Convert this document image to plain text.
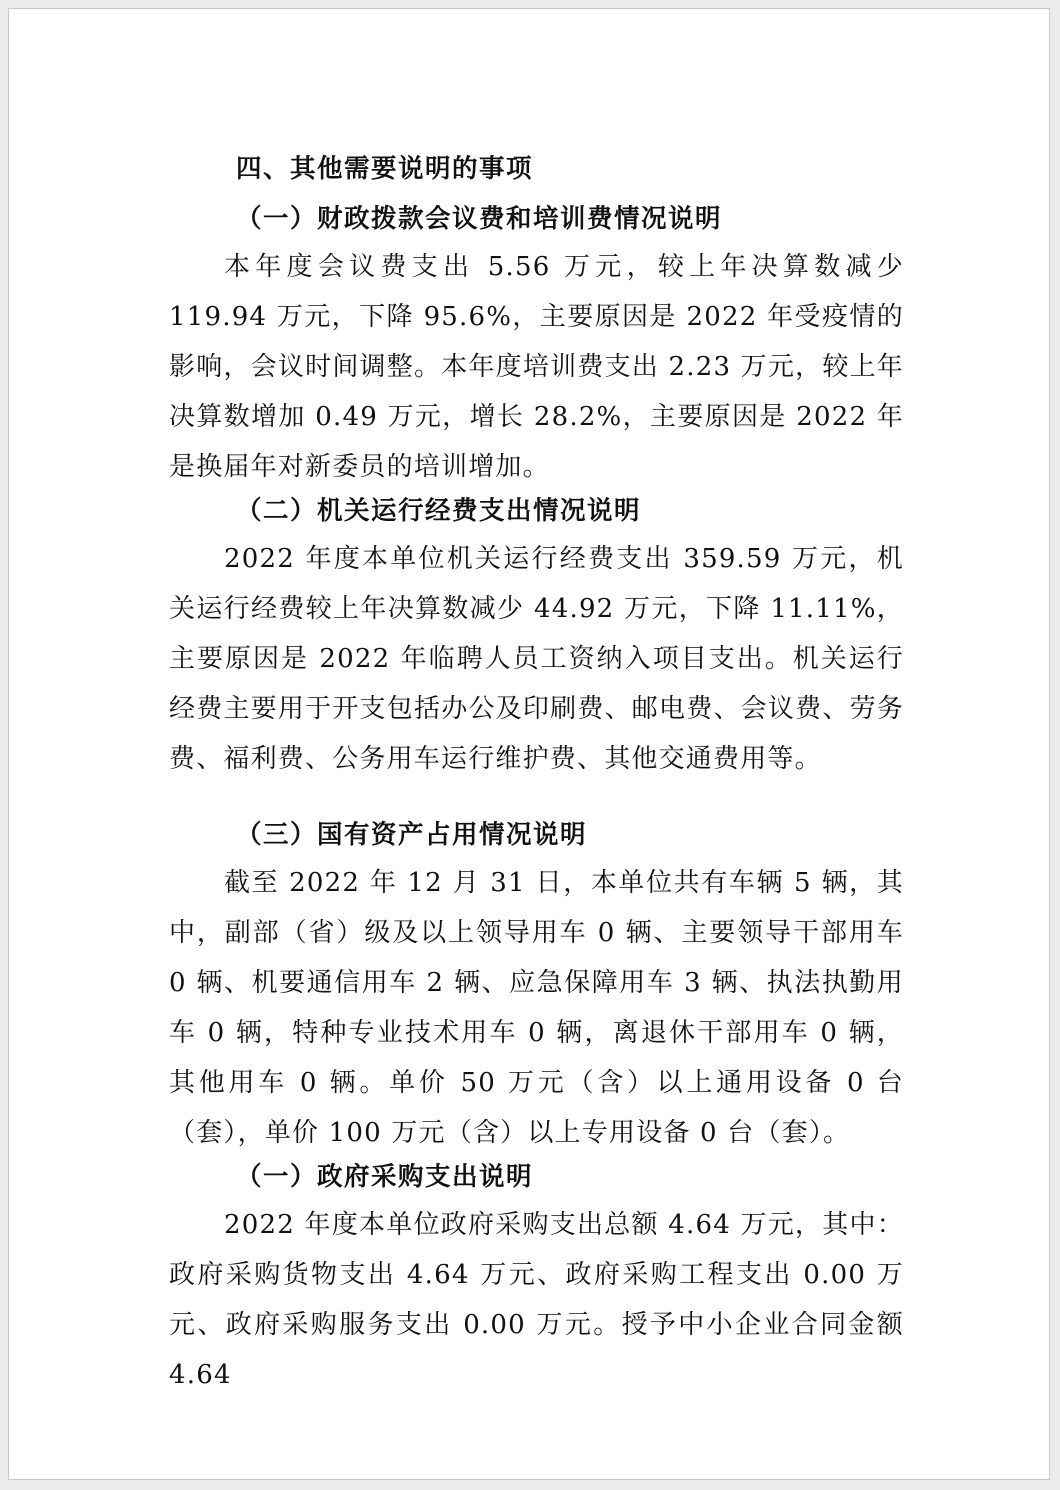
四、其他需要说明的事项
（一）财政拨款会议费和培训费情况说明
本年度会议费支出 5.56 万元，较上年决算数减少 119.94 万元，下降 95.6%，主要原因是 2022 年受疫情的影响，会议时间调整。本年度培训费支出 2.23 万元，较上年决算数增加 0.49 万元，增长 28.2%，主要原因是 2022 年是换届年对新委员的培训增加。
（二）机关运行经费支出情况说明
2022 年度本单位机关运行经费支出 359.59 万元，机关运行经费较上年决算数减少 44.92 万元，下降 11.11%，主要原因是 2022 年临聘人员工资纳入项目支出。机关运行经费主要用于开支包括办公及印刷费、邮电费、会议费、劳务费、福利费、公务用车运行维护费、其他交通费用等。
（三）国有资产占用情况说明
截至 2022 年 12 月 31 日，本单位共有车辆 5 辆，其中，副部（省）级及以上领导用车 0 辆、主要领导干部用车 0 辆、机要通信用车 2 辆、应急保障用车 3 辆、执法执勤用车 0 辆，特种专业技术用车 0 辆，离退休干部用车 0 辆，其他用车 0 辆。单价 50 万元（含）以上通用设备 0 台（套），单价 100 万元（含）以上专用设备 0 台（套）。
（一）政府采购支出说明
2022 年度本单位政府采购支出总额 4.64 万元，其中：政府采购货物支出 4.64 万元、政府采购工程支出 0.00 万元、政府采购服务支出 0.00 万元。授予中小企业合同金额 4.64
